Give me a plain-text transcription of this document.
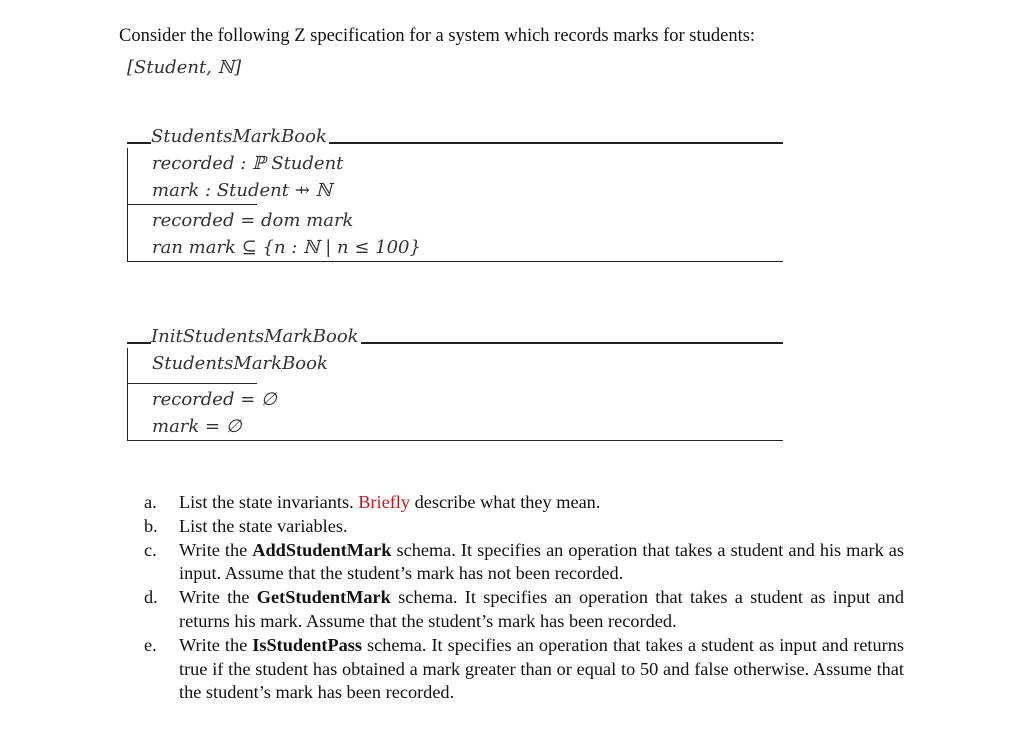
Consider the following Z specification for a system which records marks for students:
[Student, ℕ]
StudentsMarkBook
recorded : ℙ Student
mark : Student ⇸ ℕ
recorded = dom mark
ran mark ⊆ {n : ℕ | n ≤ 100}
InitStudentsMarkBook
StudentsMarkBook
recorded = ∅
mark = ∅
a. List the state invariants. Briefly describe what they mean.
b. List the state variables.
c. Write the AddStudentMark schema. It specifies an operation that takes a student and his mark as input. Assume that the student’s mark has not been recorded.
d. Write the GetStudentMark schema. It specifies an operation that takes a student as input and returns his mark. Assume that the student’s mark has been recorded.
e. Write the IsStudentPass schema. It specifies an operation that takes a student as input and returns true if the student has obtained a mark greater than or equal to 50 and false otherwise. Assume that the student’s mark has been recorded.
